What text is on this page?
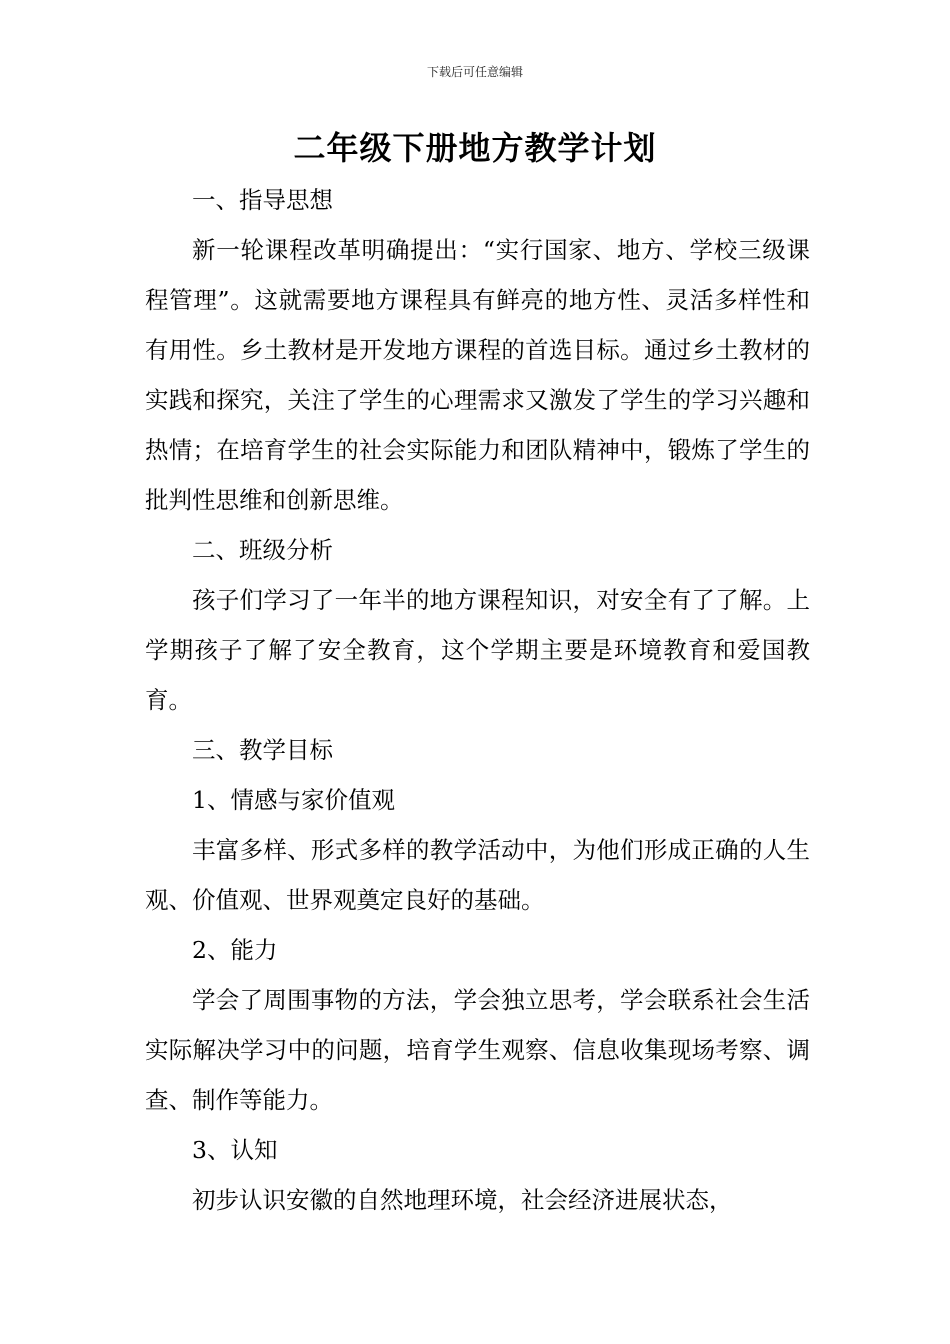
下载后可任意编辑
二年级下册地方教学计划

一、指导思想

新一轮课程改革明确提出：“实行国家、地方、学校三级课程管理”。这就需要地方课程具有鲜亮的地方性、灵活多样性和有用性。乡土教材是开发地方课程的首选目标。通过乡土教材的实践和探究，关注了学生的心理需求又激发了学生的学习兴趣和热情；在培育学生的社会实际能力和团队精神中，锻炼了学生的批判性思维和创新思维。

二、班级分析

孩子们学习了一年半的地方课程知识，对安全有了了解。上学期孩子了解了安全教育，这个学期主要是环境教育和爱国教育。

三、教学目标

1、情感与家价值观

丰富多样、形式多样的教学活动中，为他们形成正确的人生观、价值观、世界观奠定良好的基础。

2、能力

学会了周围事物的方法，学会独立思考，学会联系社会生活实际解决学习中的问题，培育学生观察、信息收集现场考察、调查、制作等能力。

3、认知

初步认识安徽的自然地理环境，社会经济进展状态，
